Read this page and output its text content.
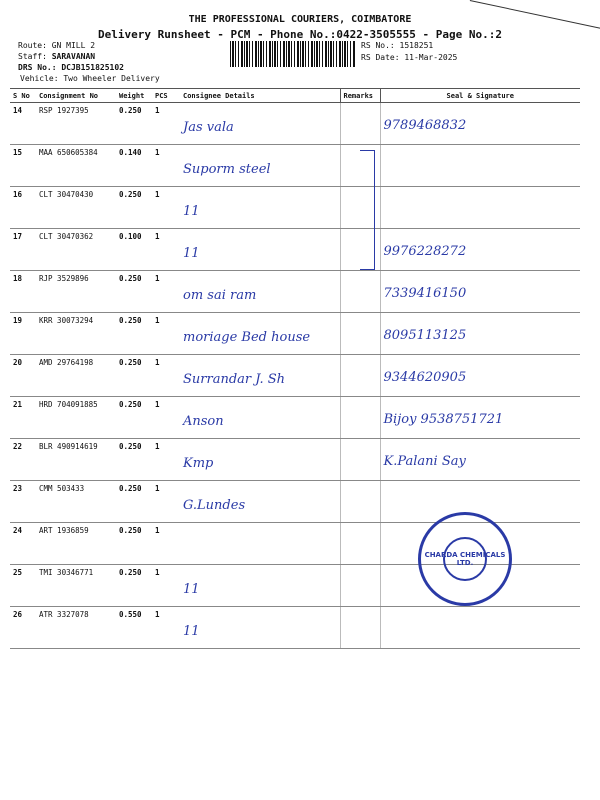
THE PROFESSIONAL COURIERS, COIMBATORE
Delivery Runsheet - PCM - Phone No.:0422-3505555 - Page No.:2
Route: GN MILL 2
Staff: SARAVANAN
DRS No.: DCJB151825102
Vehicle: Two Wheeler Delivery
RS No.: 1518251
RS Date: 11-Mar-2025
S No	Consignment No	Weight	PCS	Consignee Details	Remarks	Seal & Signature
14	RSP 1927395	0.250	1	Jas vala		9789468832
15	MAA 650605384	0.140	1	Suporm steel		
16	CLT 30470430	0.250	1	11		
17	CLT 30470362	0.100	1	11		9976228272
18	RJP 3529896	0.250	1	om sai ram		7339416150
19	KRR 30073294	0.250	1	moriage Bed house		8095113125
20	AMD 29764198	0.250	1	Surrandar J. Sh		9344620905
21	HRD 704091885	0.250	1	Anson		Bijoy 9538751721
22	BLR 490914619	0.250	1	Kmp		K.Palani Say
23	CMM 503433	0.250	1	G.Lundes		
24	ART 1936859	0.250	1			
25	TMI 30346771	0.250	1	11		
26	ATR 3327078	0.550	1	11		
CHARDA CHEMICALS LTD.
